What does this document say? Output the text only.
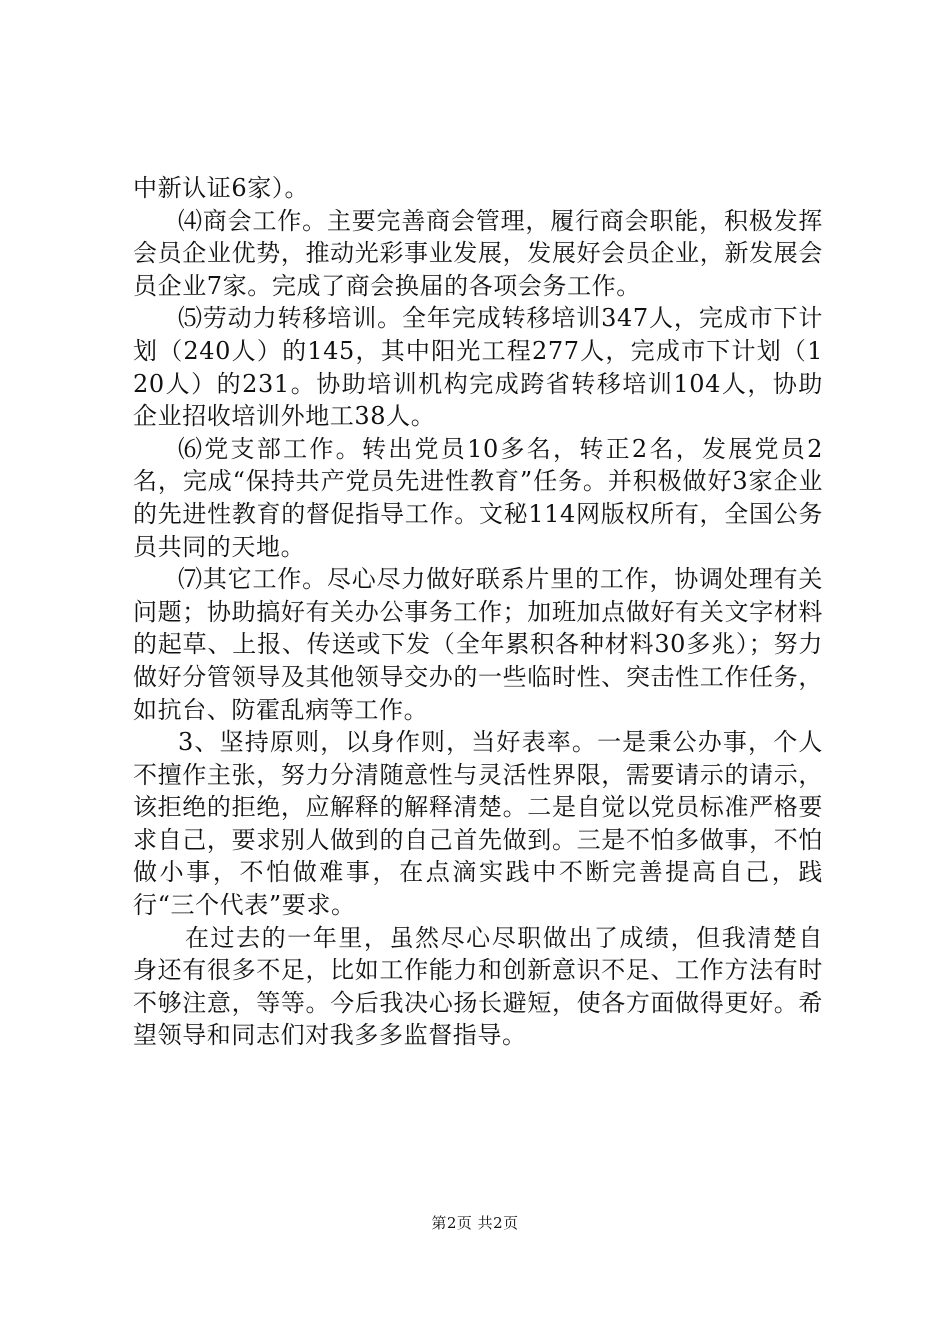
中新认证6家）。

⑷商会工作。主要完善商会管理，履行商会职能，积极发挥会员企业优势，推动光彩事业发展，发展好会员企业，新发展会员企业7家。完成了商会换届的各项会务工作。

⑸劳动力转移培训。全年完成转移培训347人，完成市下计划（240人）的145，其中阳光工程277人，完成市下计划（120人）的231。协助培训机构完成跨省转移培训104人，协助企业招收培训外地工38人。

⑹党支部工作。转出党员10多名，转正2名，发展党员2名，完成“保持共产党员先进性教育”任务。并积极做好3家企业的先进性教育的督促指导工作。文秘114网版权所有，全国公务员共同的天地。

⑺其它工作。尽心尽力做好联系片里的工作，协调处理有关问题；协助搞好有关办公事务工作；加班加点做好有关文字材料的起草、上报、传送或下发（全年累积各种材料30多兆）；努力做好分管领导及其他领导交办的一些临时性、突击性工作任务，如抗台、防霍乱病等工作。

3、坚持原则，以身作则，当好表率。一是秉公办事，个人不擅作主张，努力分清随意性与灵活性界限，需要请示的请示，该拒绝的拒绝，应解释的解释清楚。二是自觉以党员标准严格要求自己，要求别人做到的自己首先做到。三是不怕多做事，不怕做小事，不怕做难事，在点滴实践中不断完善提高自己，践行“三个代表”要求。

在过去的一年里，虽然尽心尽职做出了成绩，但我清楚自身还有很多不足，比如工作能力和创新意识不足、工作方法有时不够注意，等等。今后我决心扬长避短，使各方面做得更好。希望领导和同志们对我多多监督指导。

第2页 共2页
